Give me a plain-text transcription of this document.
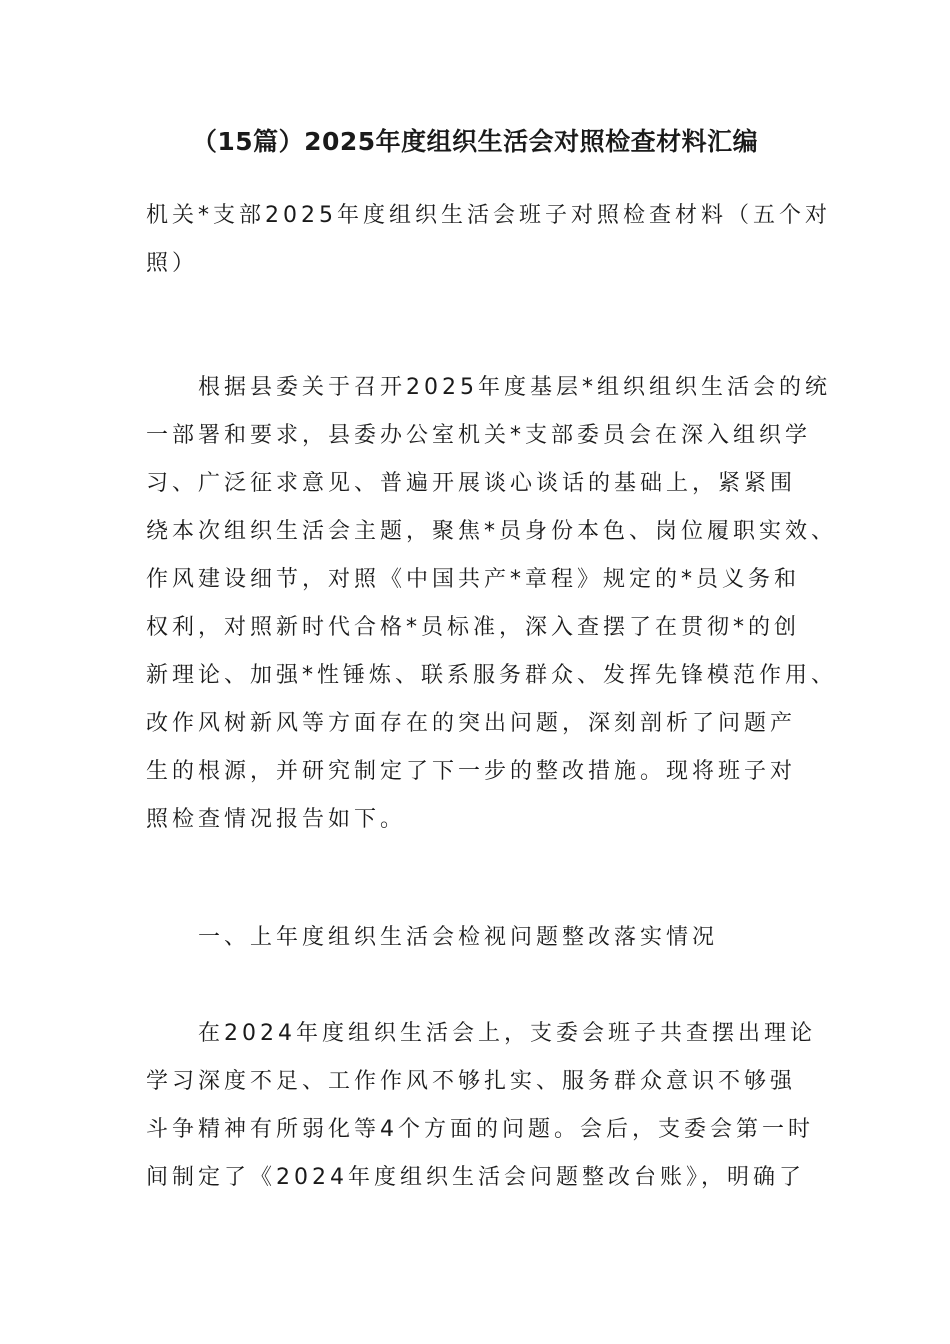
（15篇）2025年度组织生活会对照检查材料汇编
机关*支部2025年度组织生活会班子对照检查材料（五个对
照）
根据县委关于召开2025年度基层*组织组织生活会的统
一部署和要求，县委办公室机关*支部委员会在深入组织学
习、广泛征求意见、普遍开展谈心谈话的基础上，紧紧围
绕本次组织生活会主题，聚焦*员身份本色、岗位履职实效、
作风建设细节，对照《中国共产*章程》规定的*员义务和
权利，对照新时代合格*员标准，深入查摆了在贯彻*的创
新理论、加强*性锤炼、联系服务群众、发挥先锋模范作用、
改作风树新风等方面存在的突出问题，深刻剖析了问题产
生的根源，并研究制定了下一步的整改措施。现将班子对
照检查情况报告如下。
一、上年度组织生活会检视问题整改落实情况
在2024年度组织生活会上，支委会班子共查摆出理论
学习深度不足、工作作风不够扎实、服务群众意识不够强
斗争精神有所弱化等4个方面的问题。会后，支委会第一时
间制定了《2024年度组织生活会问题整改台账》，明确了
